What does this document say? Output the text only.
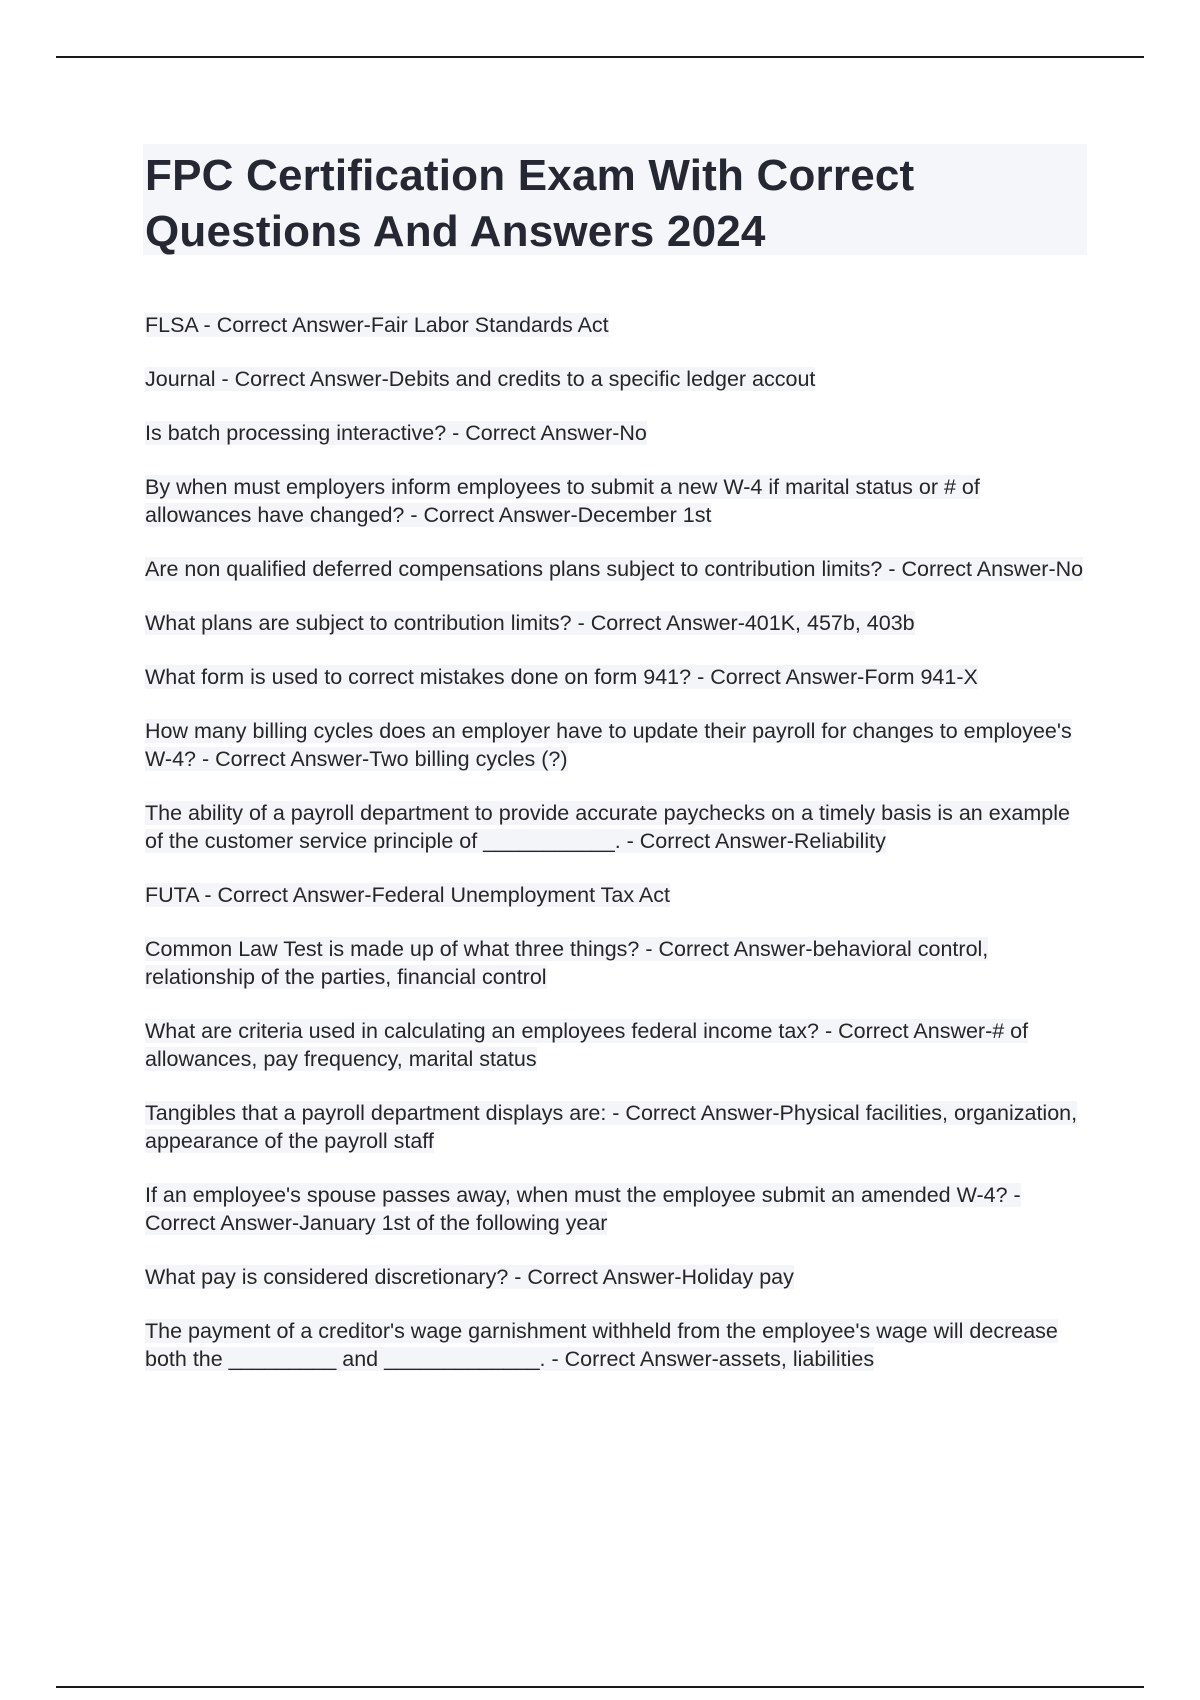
FPC Certification Exam With Correct
Questions And Answers 2024

FLSA - Correct Answer-Fair Labor Standards Act

Journal - Correct Answer-Debits and credits to a specific ledger accout

Is batch processing interactive? - Correct Answer-No

By when must employers inform employees to submit a new W-4 if marital status or # of allowances have changed? - Correct Answer-December 1st

Are non qualified deferred compensations plans subject to contribution limits? - Correct Answer-No

What plans are subject to contribution limits? - Correct Answer-401K, 457b, 403b

What form is used to correct mistakes done on form 941? - Correct Answer-Form 941-X

How many billing cycles does an employer have to update their payroll for changes to employee's W-4? - Correct Answer-Two billing cycles (?)

The ability of a payroll department to provide accurate paychecks on a timely basis is an example of the customer service principle of ___________. - Correct Answer-Reliability

FUTA - Correct Answer-Federal Unemployment Tax Act

Common Law Test is made up of what three things? - Correct Answer-behavioral control, relationship of the parties, financial control

What are criteria used in calculating an employees federal income tax? - Correct Answer-# of allowances, pay frequency, marital status

Tangibles that a payroll department displays are: - Correct Answer-Physical facilities, organization, appearance of the payroll staff

If an employee's spouse passes away, when must the employee submit an amended W-4? - Correct Answer-January 1st of the following year

What pay is considered discretionary? - Correct Answer-Holiday pay

The payment of a creditor's wage garnishment withheld from the employee's wage will decrease both the _________ and _____________. - Correct Answer-assets, liabilities
